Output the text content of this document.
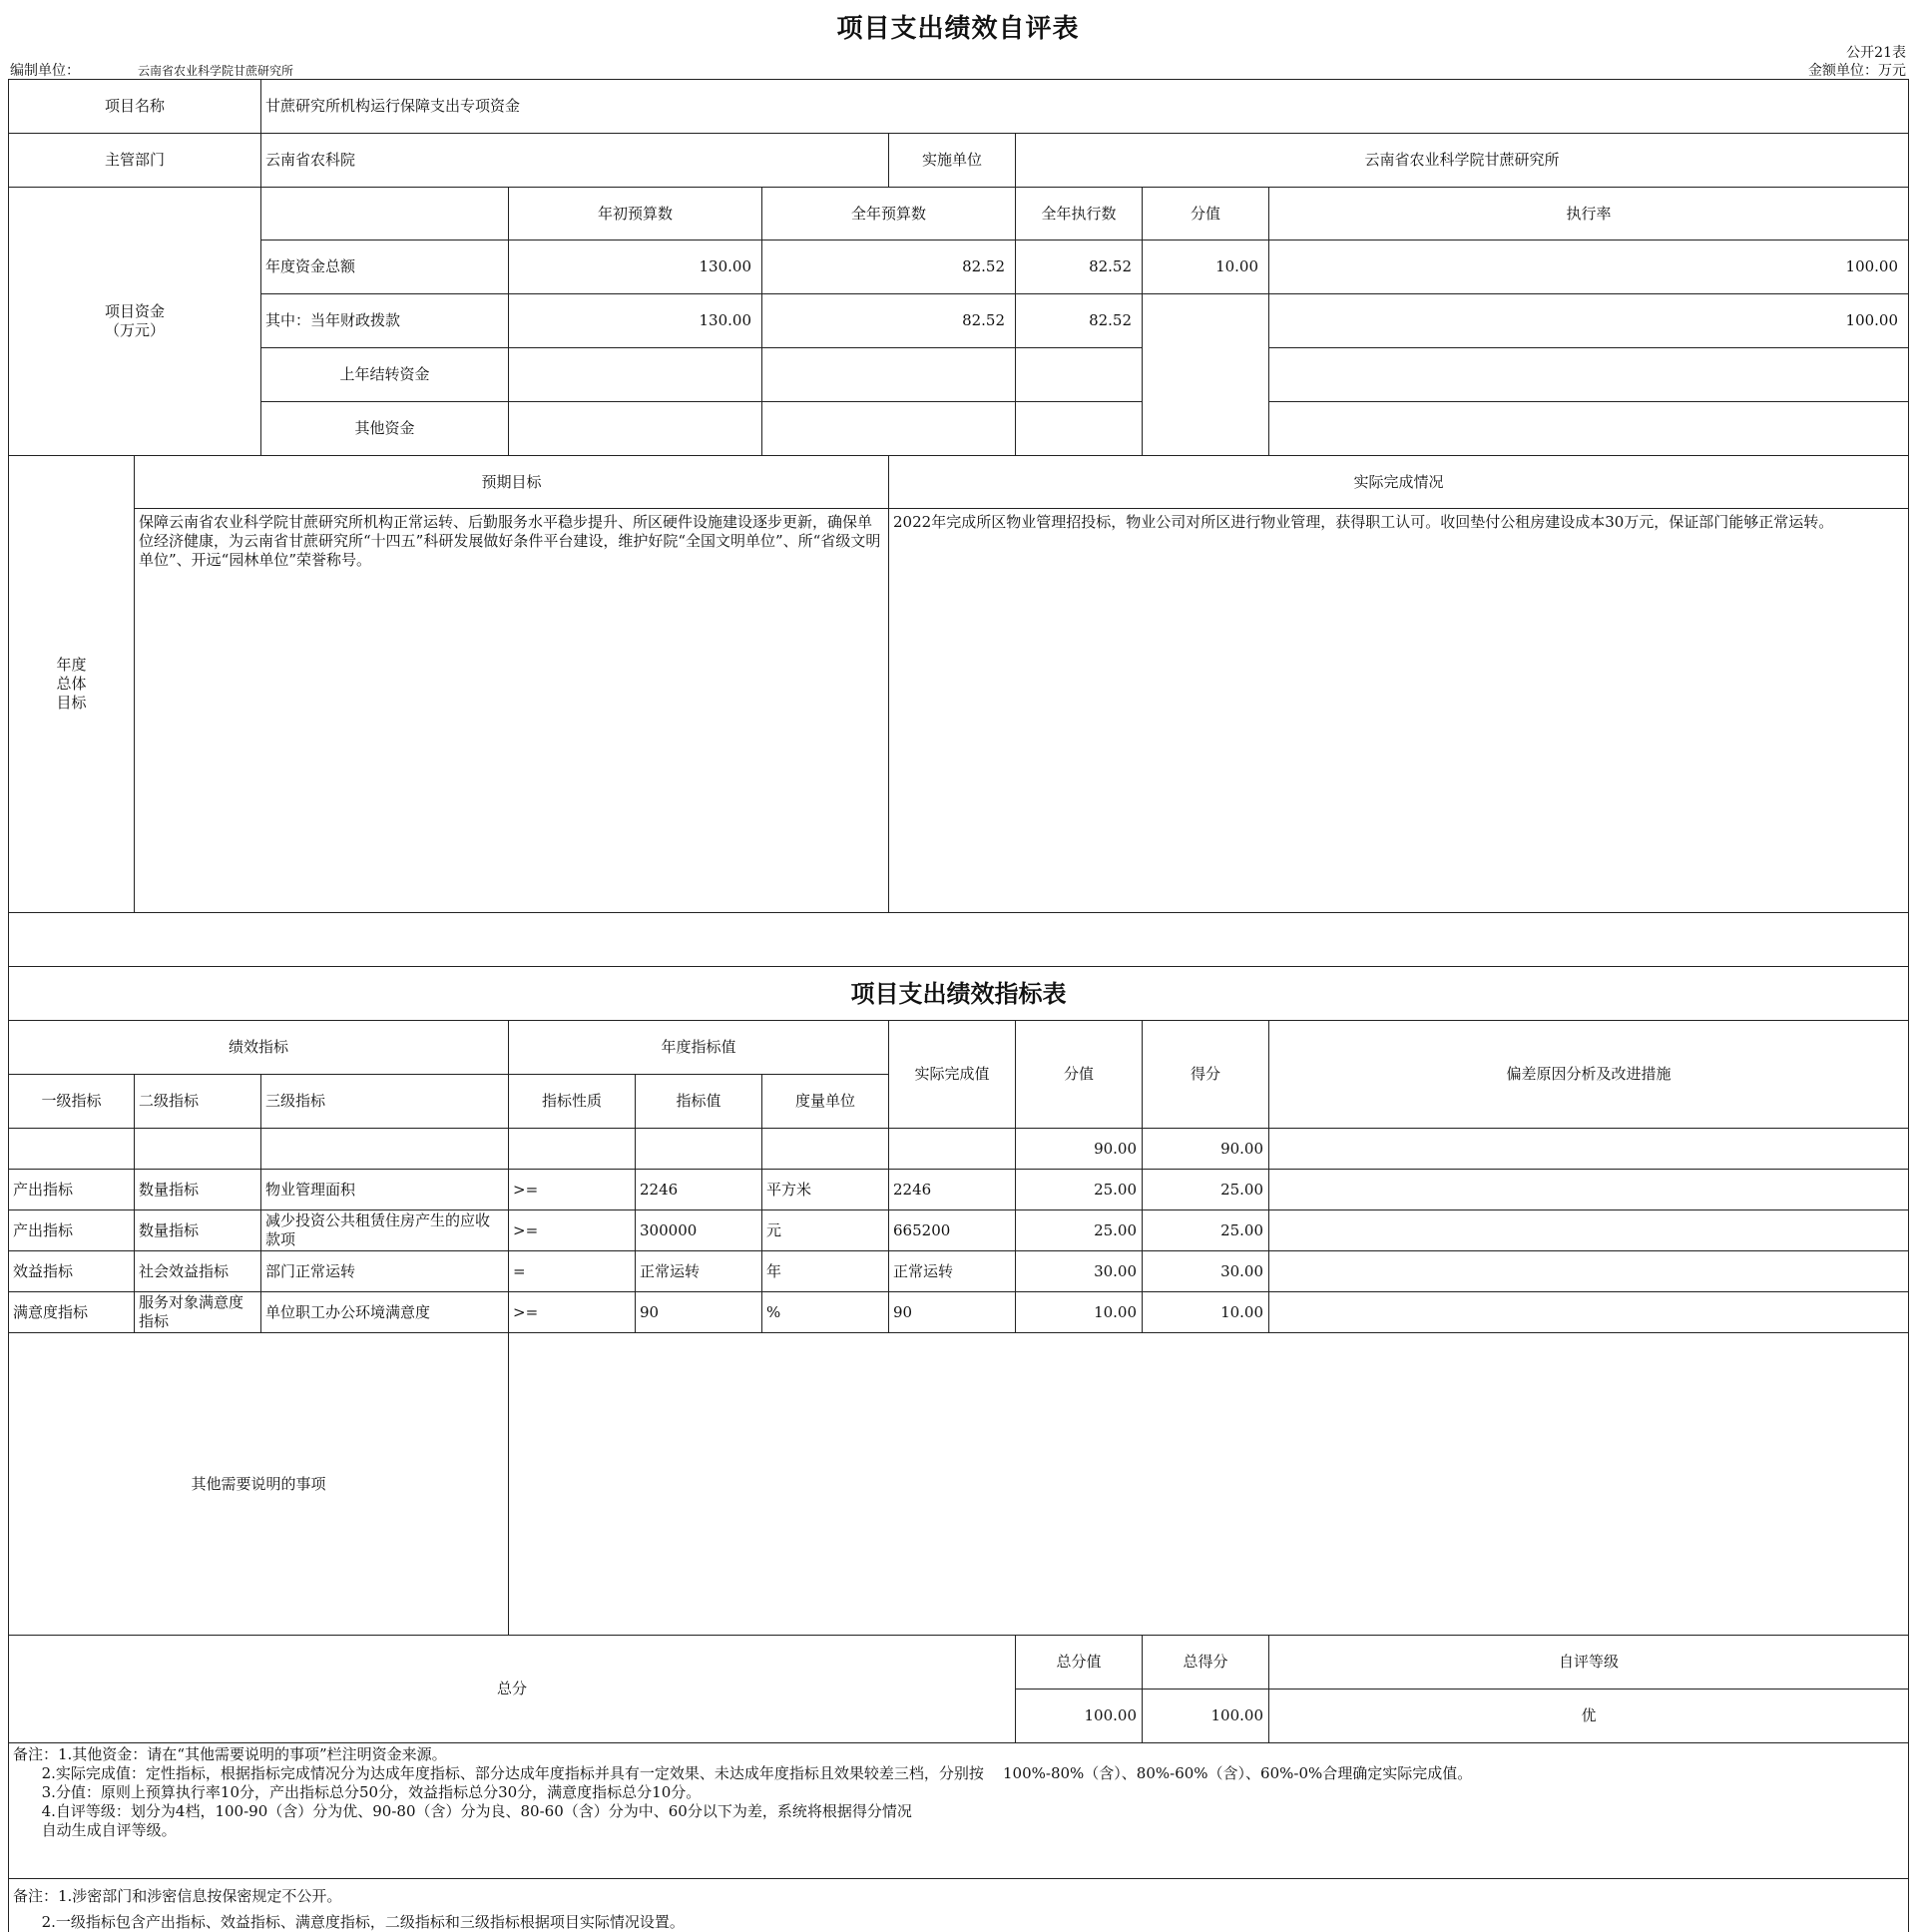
项目支出绩效自评表
编制单位：	云南省农业科学院甘蔗研究所
公开21表
金额单位：万元
项目名称		甘蔗研究所机构运行保障支出专项资金								
主管部门		云南省农科院				实施单位	云南省农业科学院甘蔗研究所			
项目资金
（万元）			年初预算数		全年预算数		全年执行数	分值	执行率	
		年度资金总额	130.00		82.52		82.52	10.00	100.00	
		其中：当年财政拨款	130.00		82.52		82.52		100.00	
		上年结转资金								
		其他资金								
年度
总体
目标	预期目标					实际完成情况				
	保障云南省农业科学院甘蔗研究所机构正常运转、后勤服务水平稳步提升、所区硬件设施建设逐步更新，确保单位经济健康，为云南省甘蔗研究所“十四五”科研发展做好条件平台建设，维护好院“全国文明单位”、所“省级文明单位”、开远“园林单位”荣誉称号。					2022年完成所区物业管理招投标，物业公司对所区进行物业管理，获得职工认可。收回垫付公租房建设成本30万元，保证部门能够正常运转。				

项目支出绩效指标表										
绩效指标			年度指标值			实际完成值	分值	得分	偏差原因分析及改进措施	
一级指标	二级指标	三级指标	指标性质	指标值	度量单位					
							90.00	90.00		
产出指标	数量指标	物业管理面积	>=	2246	平方米	2246	25.00	25.00		
产出指标	数量指标	减少投资公共租赁住房产生的应收款项	>=	300000	元	665200	25.00	25.00		
效益指标	社会效益指标	部门正常运转	=	正常运转	年	正常运转	30.00	30.00		
满意度指标	服务对象满意度指标	单位职工办公环境满意度	>=	90	%	90	10.00	10.00		
其他需要说明的事项										
总分							总分值	总得分	自评等级	
							100.00	100.00	优	

备注：1.其他资金：请在“其他需要说明的事项”栏注明资金来源。

2.实际完成值：定性指标，根据指标完成情况分为达成年度指标、部分达成年度指标并具有一定效果、未达成年度指标且效果较差三档，分别按    100%-80%（含）、80%-60%（含）、60%-0%合理确定实际完成值。

3.分值：原则上预算执行率10分，产出指标总分50分，效益指标总分30分，满意度指标总分10分。

4.自评等级：划分为4档，100-90（含）分为优、90-80（含）分为良、80-60（含）分为中、60分以下为差，系统将根据得分情况

自动生成自评等级。										

备注：1.涉密部门和涉密信息按保密规定不公开。										
2.一级指标包含产出指标、效益指标、满意度指标，二级指标和三级指标根据项目实际情况设置。										
